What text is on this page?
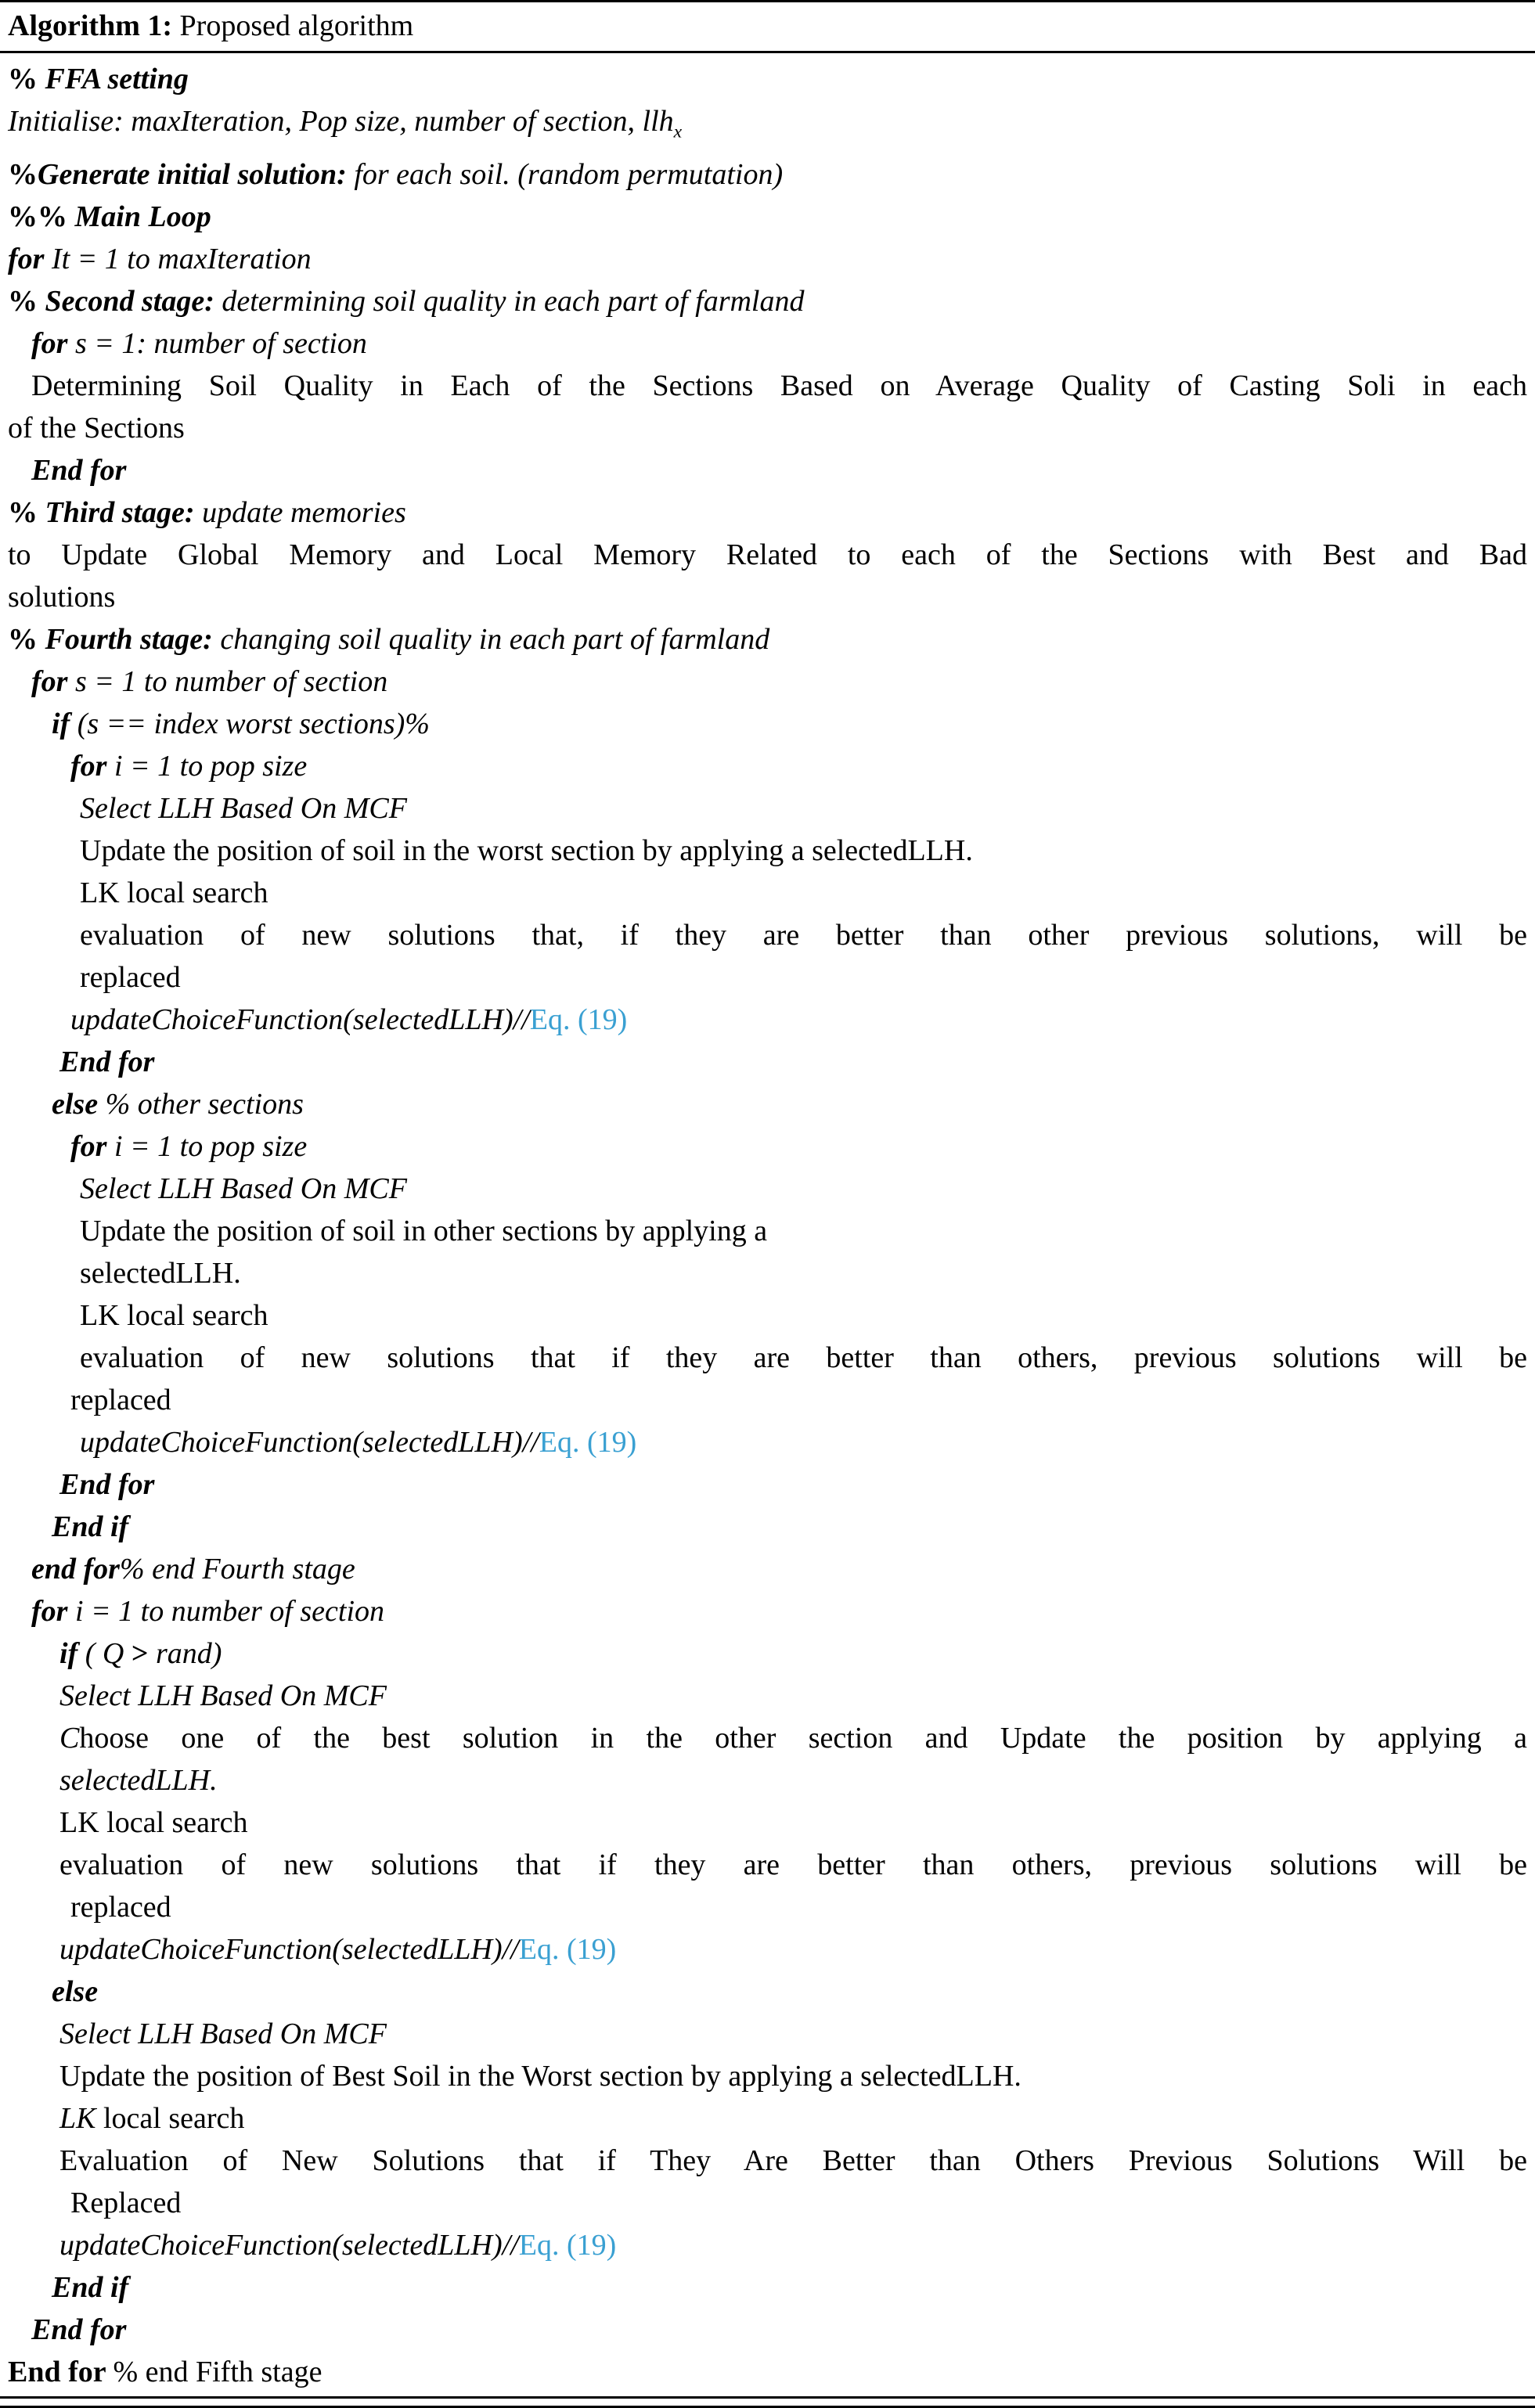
Algorithm 1: Proposed algorithm
% FFA setting
Initialise: maxIteration, Pop size, number of section, llh$_x$
%Generate initial solution: for each soil. (random permutation)
%% Main Loop
for It = 1 to maxIteration
% Second stage: determining soil quality in each part of farmland
for s = 1: number of section
Determining Soil Quality in Each of the Sections Based on Average Quality of Casting Soli in each
of the Sections
End for
% Third stage: update memories
to Update Global Memory and Local Memory Related to each of the Sections with Best and Bad
solutions
% Fourth stage: changing soil quality in each part of farmland
for s = 1 to number of section
if (s == index worst sections)%
for i = 1 to pop size
Select LLH Based On MCF
Update the position of soil in the worst section by applying a selectedLLH.
LK local search
evaluation of new solutions that, if they are better than other previous solutions, will be
replaced
updateChoiceFunction(selectedLLH)//Eq. (19)
End for
else % other sections
for i = 1 to pop size
Select LLH Based On MCF
Update the position of soil in other sections by applying a
selectedLLH.
LK local search
evaluation of new solutions that if they are better than others, previous solutions will be
replaced
updateChoiceFunction(selectedLLH)//Eq. (19)
End for
End if
end for% end Fourth stage
for i = 1 to number of section
if ( Q > rand)
Select LLH Based On MCF
Choose one of the best solution in the other section and Update the position by applying a
selectedLLH.
LK local search
evaluation of new solutions that if they are better than others, previous solutions will be
replaced
updateChoiceFunction(selectedLLH)//Eq. (19)
else
Select LLH Based On MCF
Update the position of Best Soil in the Worst section by applying a selectedLLH.
LK local search
Evaluation of New Solutions that if They Are Better than Others Previous Solutions Will be
Replaced
updateChoiceFunction(selectedLLH)//Eq. (19)
End if
End for
End for % end Fifth stage
